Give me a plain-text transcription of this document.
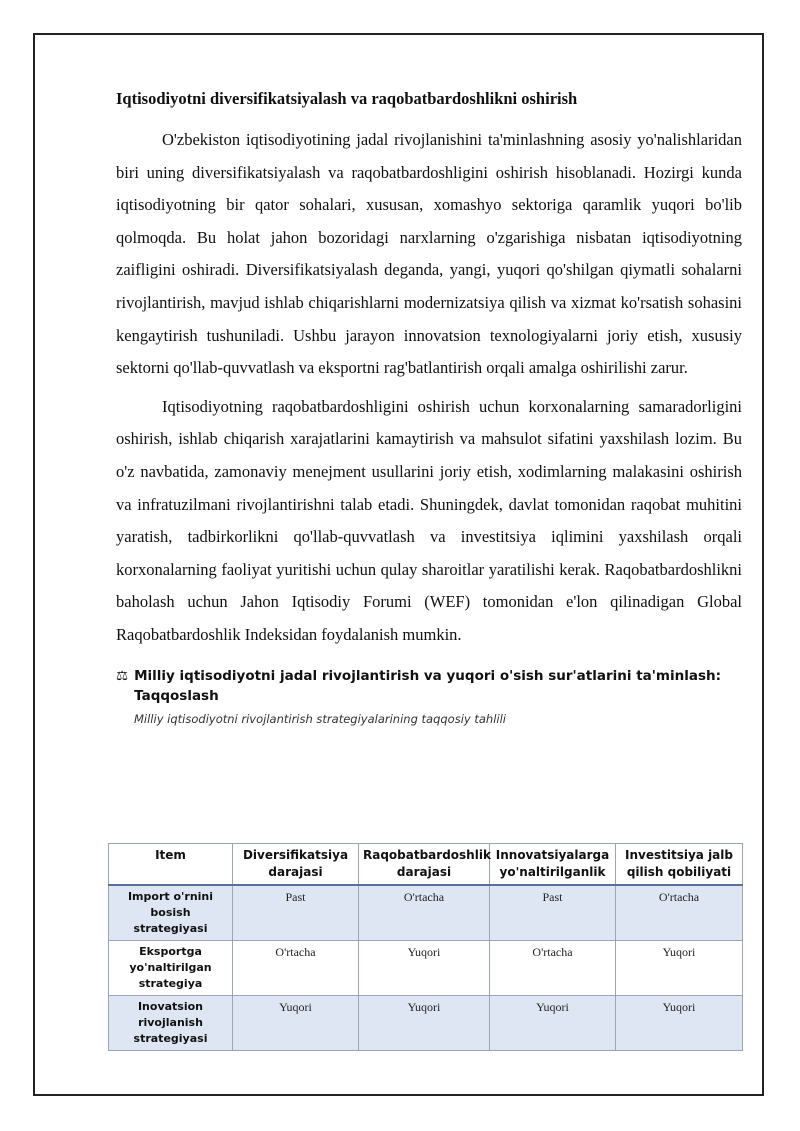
Iqtisodiyotni diversifikatsiyalash va raqobatbardoshlikni oshirish

O'zbekiston iqtisodiyotining jadal rivojlanishini ta'minlashning asosiy yo'nalishlaridan biri uning diversifikatsiyalash va raqobatbardoshligini oshirish hisoblanadi. Hozirgi kunda iqtisodiyotning bir qator sohalari, xususan, xomashyo sektoriga qaramlik yuqori bo'lib qolmoqda. Bu holat jahon bozoridagi narxlarning o'zgarishiga nisbatan iqtisodiyotning zaifligini oshiradi. Diversifikatsiyalash deganda, yangi, yuqori qo'shilgan qiymatli sohalarni rivojlantirish, mavjud ishlab chiqarishlarni modernizatsiya qilish va xizmat ko'rsatish sohasini kengaytirish tushuniladi. Ushbu jarayon innovatsion texnologiyalarni joriy etish, xususiy sektorni qo'llab-quvvatlash va eksportni rag'batlantirish orqali amalga oshirilishi zarur.

Iqtisodiyotning raqobatbardoshligini oshirish uchun korxonalarning samaradorligini oshirish, ishlab chiqarish xarajatlarini kamaytirish va mahsulot sifatini yaxshilash lozim. Bu o'z navbatida, zamonaviy menejment usullarini joriy etish, xodimlarning malakasini oshirish va infratuzilmani rivojlantirishni talab etadi. Shuningdek, davlat tomonidan raqobat muhitini yaratish, tadbirkorlikni qo'llab-quvvatlash va investitsiya iqlimini yaxshilash orqali korxonalarning faoliyat yuritishi uchun qulay sharoitlar yaratilishi kerak. Raqobatbardoshlikni baholash uchun Jahon Iqtisodiy Forumi (WEF) tomonidan e'lon qilinadigan Global Raqobatbardoshlik Indeksidan foydalanish mumkin.

⚖ Milliy iqtisodiyotni jadal rivojlantirish va yuqori o'sish sur'atlarini ta'minlash: Taqqoslash
Milliy iqtisodiyotni rivojlantirish strategiyalarining taqqosiy tahlili
Item	Diversifikatsiya darajasi	Raqobatbardoshlik darajasi	Innovatsiyalarga yo'naltirilganlik	Investitsiya jalb qilish qobiliyati
Import o'rnini bosish strategiyasi	Past	O'rtacha	Past	O'rtacha
Eksportga yo'naltirilgan strategiya	O'rtacha	Yuqori	O'rtacha	Yuqori
Inovatsion rivojlanish strategiyasi	Yuqori	Yuqori	Yuqori	Yuqori
